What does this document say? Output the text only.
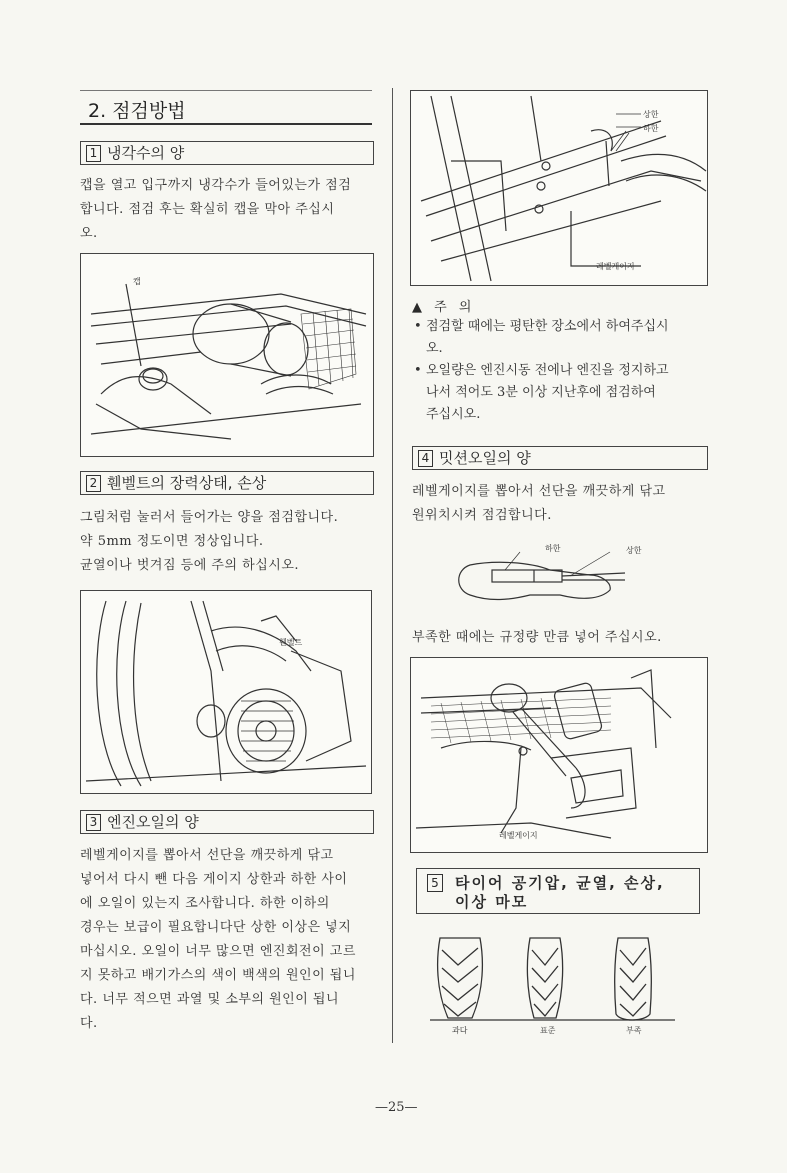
2. 점검방법
1 냉각수의 양
캡을 열고 입구까지 냉각수가 들어있는가 점검
합니다. 점검 후는 확실히 캡을 막아 주십시
오.
캡
2 휀벨트의 장력상태, 손상
그림처럼 눌러서 들어가는 양을 점검합니다.
약 5mm 정도이면 정상입니다.
균열이나 벗겨짐 등에 주의 하십시오.
휀벨트
3 엔진오일의 양
레벨게이지를 뽑아서 선단을 깨끗하게 닦고
넣어서 다시 뺀 다음 게이지 상한과 하한 사이
에 오일이 있는지 조사합니다. 하한 이하의
경우는 보급이 필요합니다단 상한 이상은 넣지
마십시오. 오일이 너무 많으면 엔진회전이 고르
지 못하고 배기가스의 색이 백색의 원인이 됩니
다. 너무 적으면 과열 및 소부의 원인이 됩니
다.
상한
하한
레벨게이지
▲ 주 의
• 점검할 때에는 평탄한 장소에서 하여주십시
오.
• 오일량은 엔진시동 전에나 엔진을 정지하고
나서 적어도 3분 이상 지난후에 점검하여
주십시오.
4 밋션오일의 양
레벨게이지를 뽑아서 선단을 깨끗하게 닦고
원위치시켜 점검합니다.
하한	상한
부족한 때에는 규정량 만큼 넣어 주십시오.
레벨게이지
5 타이어 공기압, 균열, 손상,
이상 마모
과다	표준	부족
—25—
